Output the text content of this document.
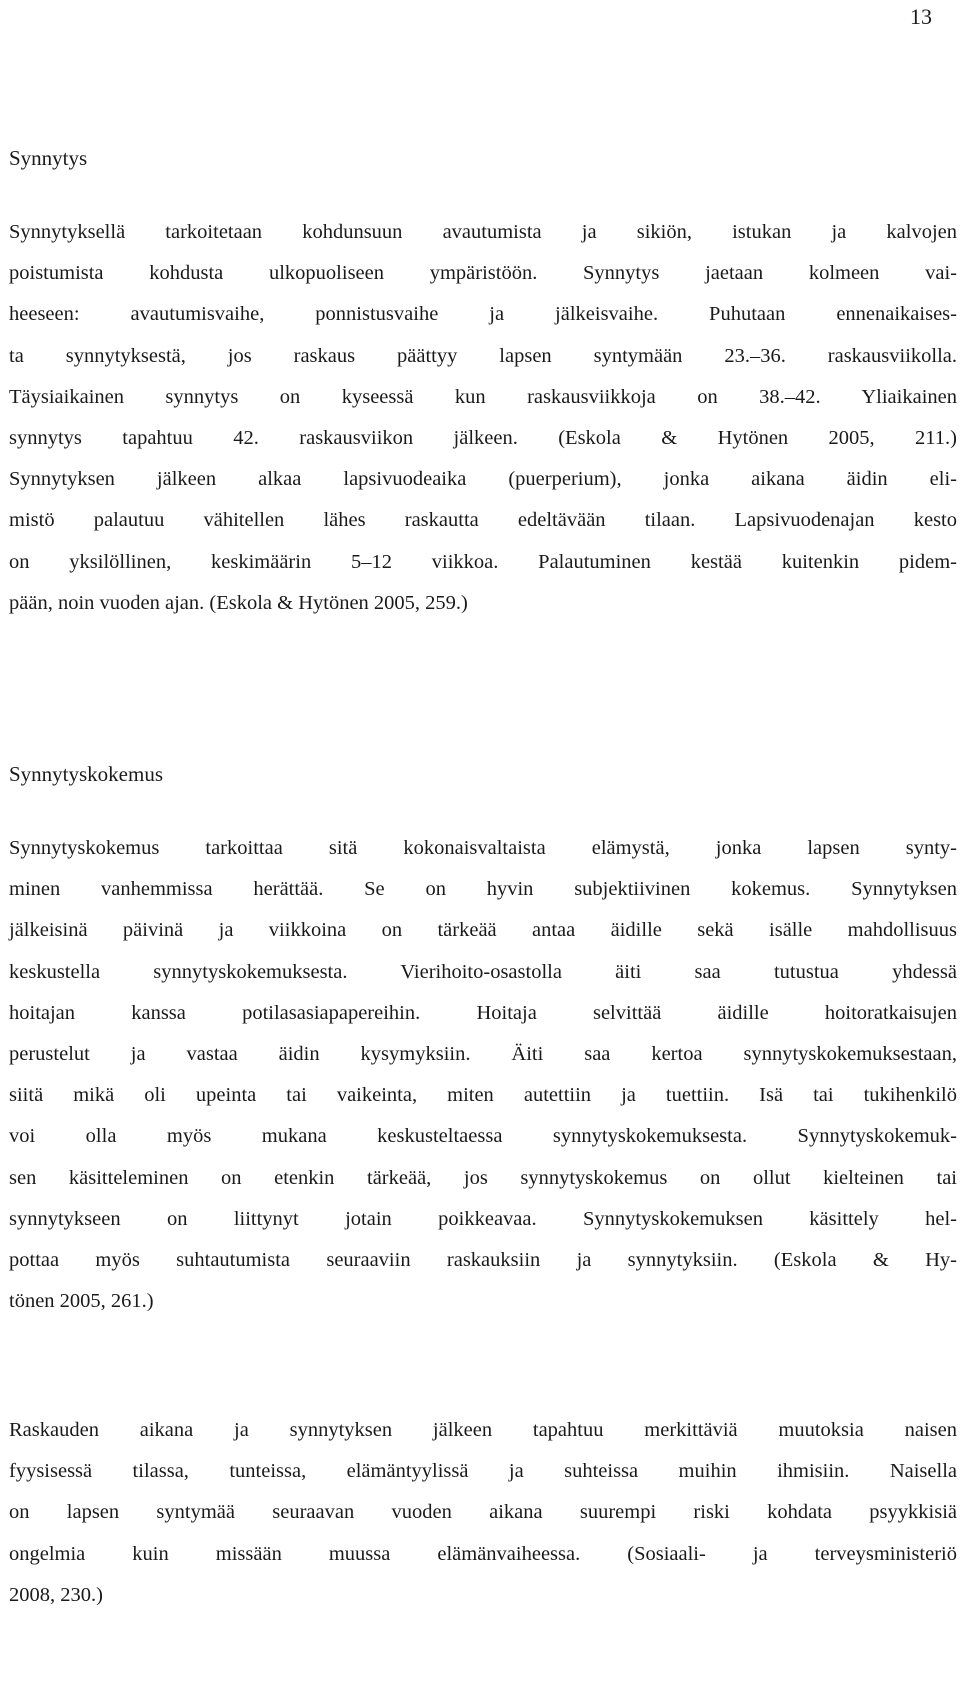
13
Synnytys
Synnytyksellä tarkoitetaan kohdunsuun avautumista ja sikiön, istukan ja kalvojen
poistumista kohdusta ulkopuoliseen ympäristöön. Synnytys jaetaan kolmeen vai-
heeseen: avautumisvaihe, ponnistusvaihe ja jälkeisvaihe. Puhutaan ennenaikaises-
ta synnytyksestä, jos raskaus päättyy lapsen syntymään 23.–36. raskausviikolla.
Täysiaikainen synnytys on kyseessä kun raskausviikkoja on 38.–42. Yliaikainen
synnytys tapahtuu 42. raskausviikon jälkeen. (Eskola & Hytönen 2005, 211.)
Synnytyksen jälkeen alkaa lapsivuodeaika (puerperium), jonka aikana äidin eli-
mistö palautuu vähitellen lähes raskautta edeltävään tilaan. Lapsivuodenajan kesto
on yksilöllinen, keskimäärin 5–12 viikkoa. Palautuminen kestää kuitenkin pidem-
pään, noin vuoden ajan. (Eskola & Hytönen 2005, 259.)
Synnytyskokemus
Synnytyskokemus tarkoittaa sitä kokonaisvaltaista elämystä, jonka lapsen synty-
minen vanhemmissa herättää. Se on hyvin subjektiivinen kokemus. Synnytyksen
jälkeisinä päivinä ja viikkoina on tärkeää antaa äidille sekä isälle mahdollisuus
keskustella synnytyskokemuksesta. Vierihoito-osastolla äiti saa tutustua yhdessä
hoitajan kanssa potilasasiapapereihin. Hoitaja selvittää äidille hoitoratkaisujen
perustelut ja vastaa äidin kysymyksiin. Äiti saa kertoa synnytyskokemuksestaan,
siitä mikä oli upeinta tai vaikeinta, miten autettiin ja tuettiin. Isä tai tukihenkilö
voi olla myös mukana keskusteltaessa synnytyskokemuksesta. Synnytyskokemuk-
sen käsitteleminen on etenkin tärkeää, jos synnytyskokemus on ollut kielteinen tai
synnytykseen on liittynyt jotain poikkeavaa. Synnytyskokemuksen käsittely hel-
pottaa myös suhtautumista seuraaviin raskauksiin ja synnytyksiin. (Eskola & Hy-
tönen 2005, 261.)
Raskauden aikana ja synnytyksen jälkeen tapahtuu merkittäviä muutoksia naisen
fyysisessä tilassa, tunteissa, elämäntyylissä ja suhteissa muihin ihmisiin. Naisella
on lapsen syntymää seuraavan vuoden aikana suurempi riski kohdata psyykkisiä
ongelmia kuin missään muussa elämänvaiheessa. (Sosiaali- ja terveysministeriö
2008, 230.)
